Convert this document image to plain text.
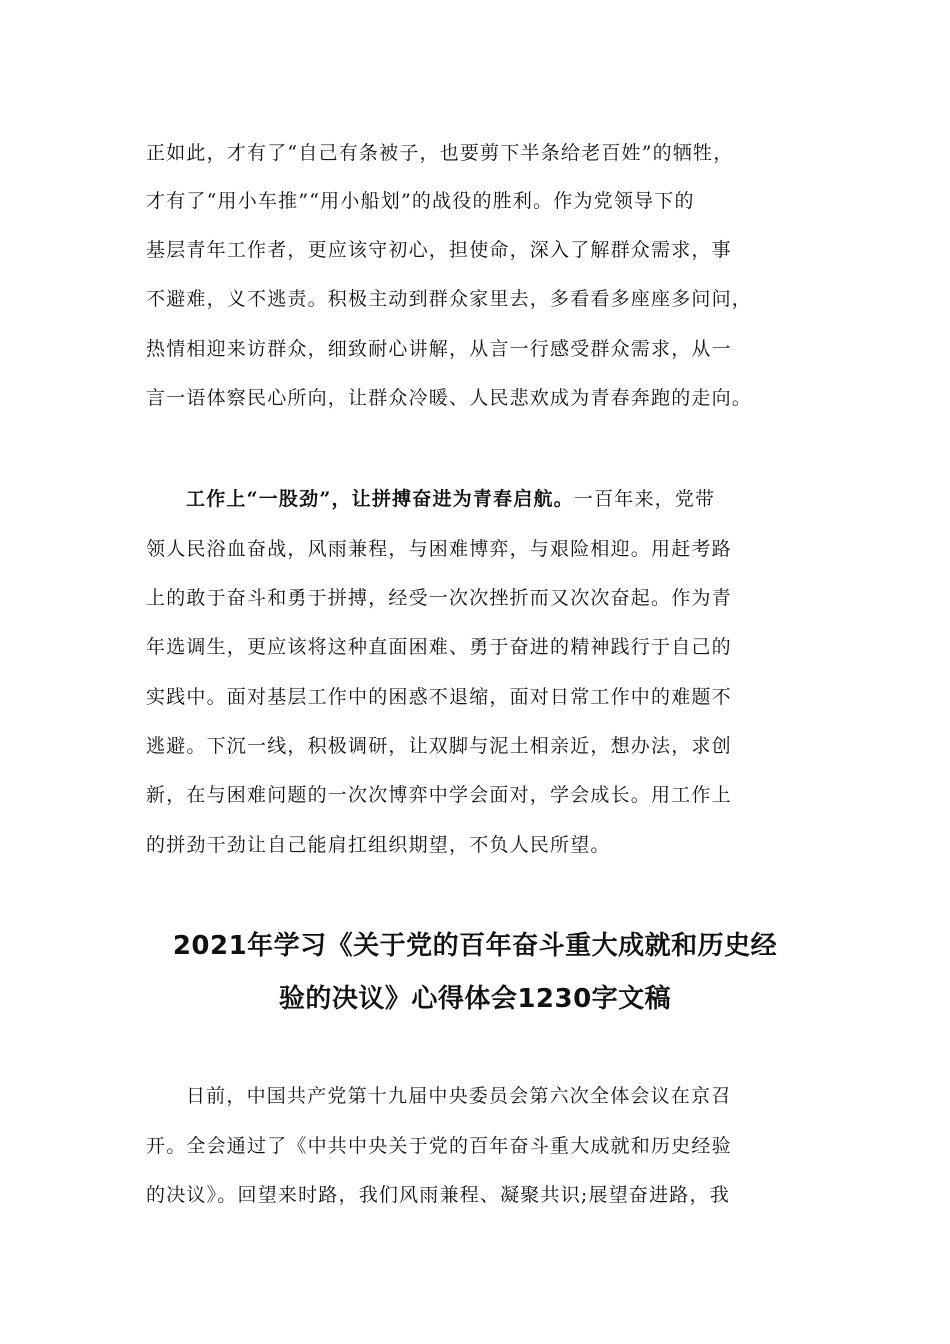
正如此，才有了“自己有条被子，也要剪下半条给老百姓”的牺牲，
才有了“用小车推”“用小船划”的战役的胜利。作为党领导下的
基层青年工作者，更应该守初心，担使命，深入了解群众需求，事
不避难，义不逃责。积极主动到群众家里去，多看看多座座多问问，
热情相迎来访群众，细致耐心讲解，从言一行感受群众需求，从一
言一语体察民心所向，让群众冷暖、人民悲欢成为青春奔跑的走向。
工作上“一股劲”，让拼搏奋进为青春启航。一百年来，党带
领人民浴血奋战，风雨兼程，与困难博弈，与艰险相迎。用赶考路
上的敢于奋斗和勇于拼搏，经受一次次挫折而又次次奋起。作为青
年选调生，更应该将这种直面困难、勇于奋进的精神践行于自己的
实践中。面对基层工作中的困惑不退缩，面对日常工作中的难题不
逃避。下沉一线，积极调研，让双脚与泥土相亲近，想办法，求创
新，在与困难问题的一次次博弈中学会面对，学会成长。用工作上
的拼劲干劲让自己能肩扛组织期望，不负人民所望。
2021年学习《关于党的百年奋斗重大成就和历史经
验的决议》心得体会1230字文稿
日前，中国共产党第十九届中央委员会第六次全体会议在京召
开。全会通过了《中共中央关于党的百年奋斗重大成就和历史经验
的决议》。回望来时路，我们风雨兼程、凝聚共识;展望奋进路，我
